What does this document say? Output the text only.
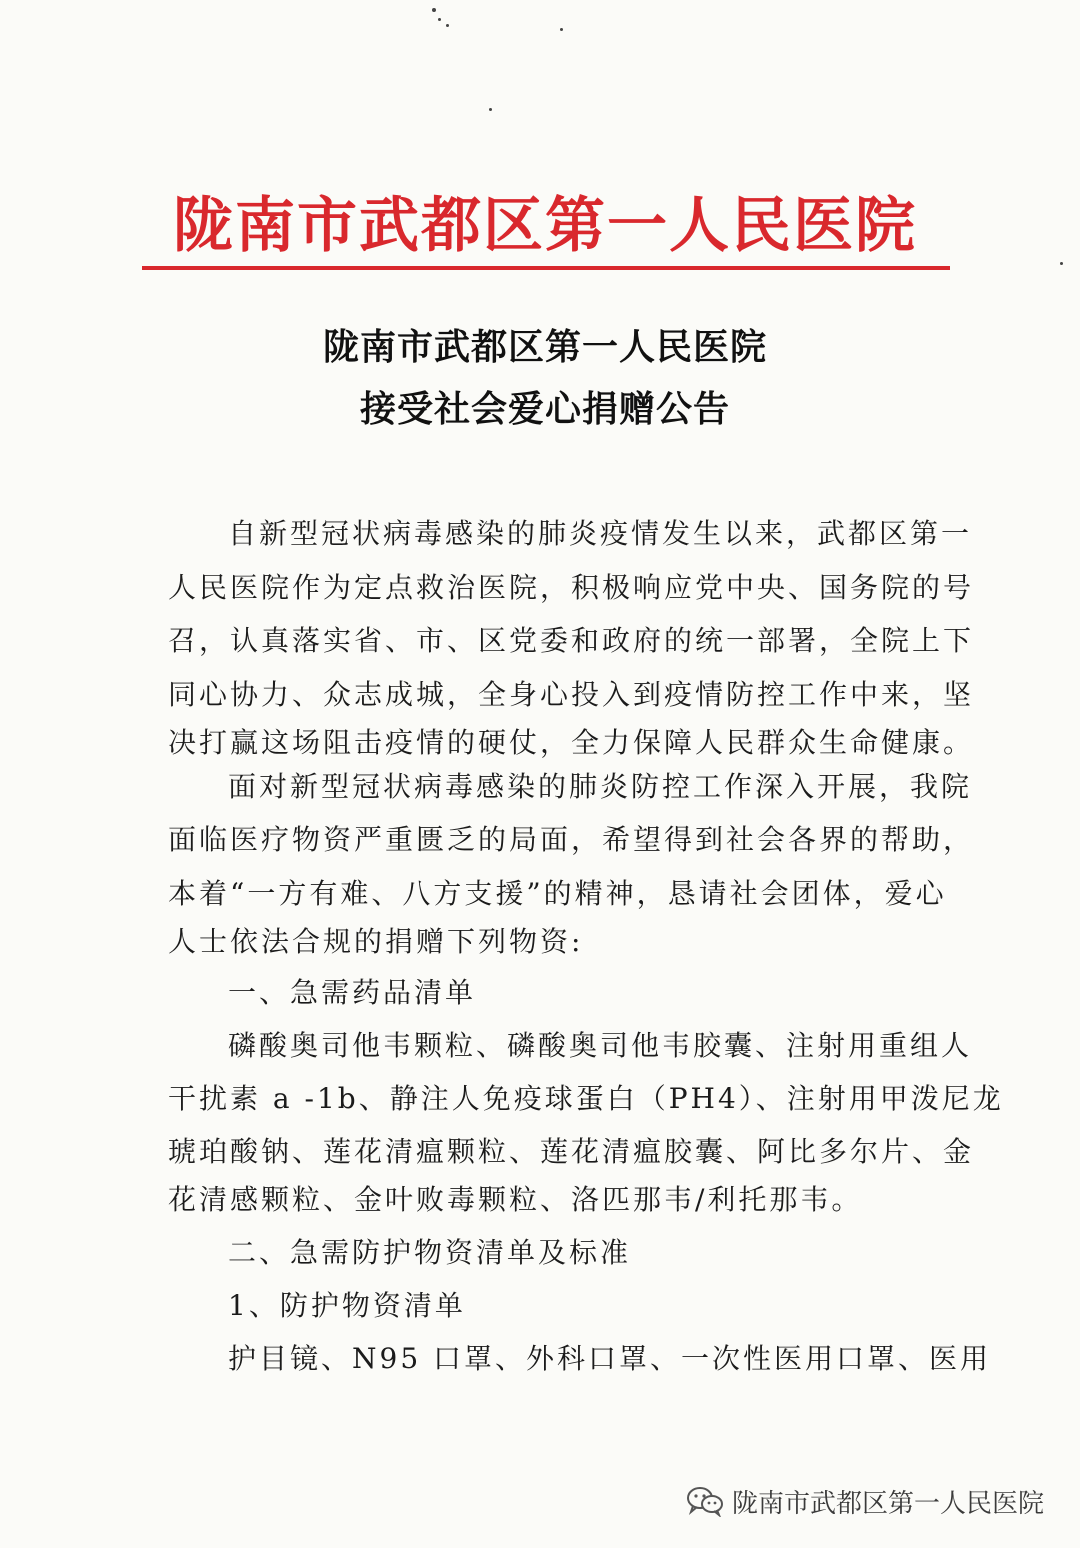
陇南市武都区第一人民医院
陇南市武都区第一人民医院
接受社会爱心捐赠公告
自新型冠状病毒感染的肺炎疫情发生以来，武都区第一
人民医院作为定点救治医院，积极响应党中央、国务院的号
召，认真落实省、市、区党委和政府的统一部署，全院上下
同心协力、众志成城，全身心投入到疫情防控工作中来，坚
决打赢这场阻击疫情的硬仗，全力保障人民群众生命健康。
面对新型冠状病毒感染的肺炎防控工作深入开展，我院
面临医疗物资严重匮乏的局面，希望得到社会各界的帮助，
本着“一方有难、八方支援”的精神，恳请社会团体，爱心
人士依法合规的捐赠下列物资:
一、急需药品清单
磷酸奥司他韦颗粒、磷酸奥司他韦胶囊、注射用重组人
干扰素 a -1b、静注人免疫球蛋白（PH4）、注射用甲泼尼龙
琥珀酸钠、莲花清瘟颗粒、莲花清瘟胶囊、阿比多尔片、金
花清感颗粒、金叶败毒颗粒、洛匹那韦/利托那韦。
二、急需防护物资清单及标准
1、防护物资清单
护目镜、N95 口罩、外科口罩、一次性医用口罩、医用
陇南市武都区第一人民医院
